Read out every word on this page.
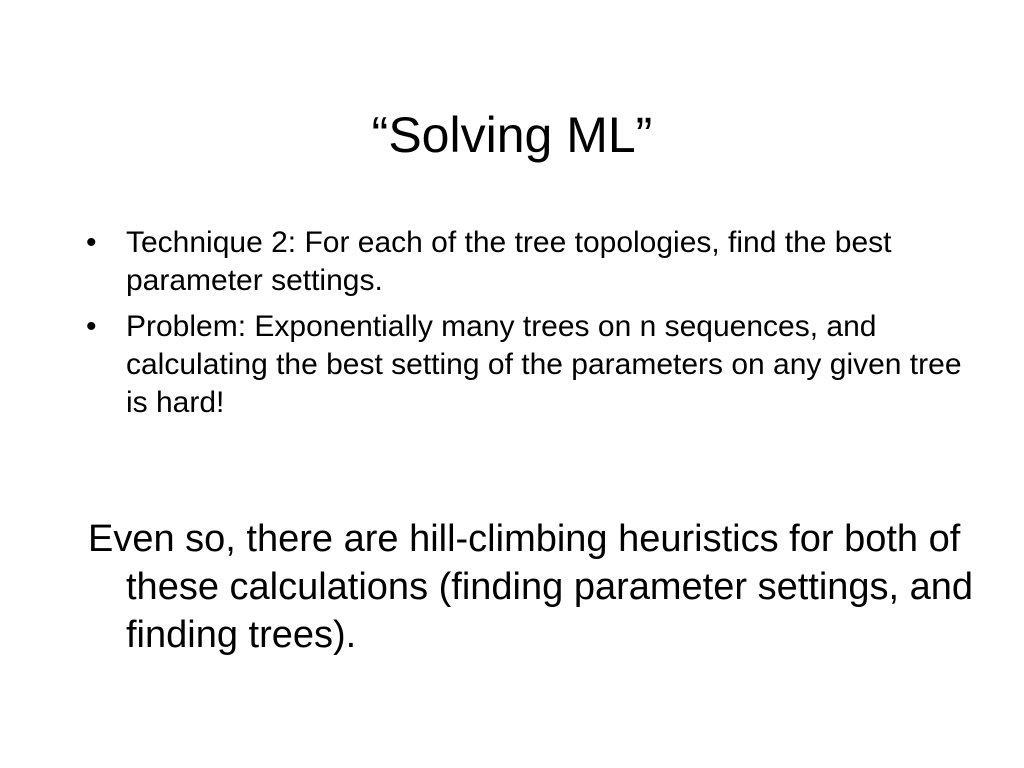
“Solving ML”
• Technique 2: For each of the tree topologies, find the best parameter settings.
• Problem: Exponentially many trees on n sequences, and calculating the best setting of the parameters on any given tree is hard!

Even so, there are hill-climbing heuristics for both of these calculations (finding parameter settings, and finding trees).
